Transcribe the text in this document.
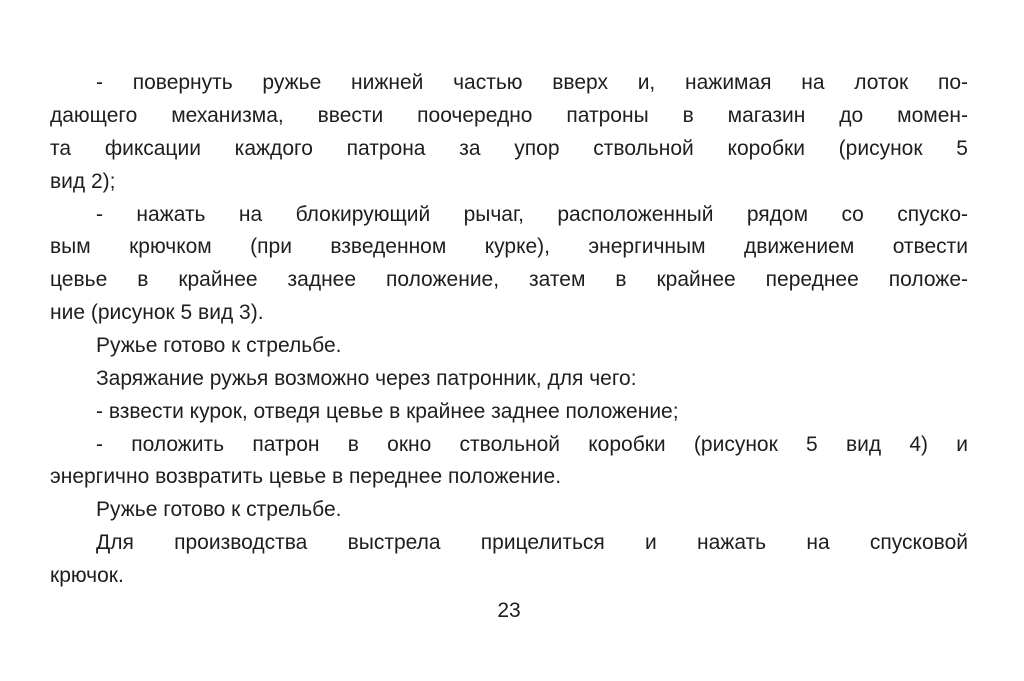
- повернуть ружье нижней частью вверх и, нажимая на лоток по-

дающего механизма, ввести поочередно патроны в магазин до момен-

та фиксации каждого патрона за упор ствольной коробки (рисунок 5

вид 2);

- нажать на блокирующий рычаг, расположенный рядом со спуско-

вым крючком (при взведенном курке), энергичным движением отвести

цевье в крайнее заднее положение, затем в крайнее переднее положе-

ние (рисунок 5 вид 3).

Ружье готово к стрельбе.

Заряжание ружья возможно через патронник, для чего:

- взвести курок, отведя цевье в крайнее заднее положение;

- положить патрон в окно ствольной коробки (рисунок 5 вид 4) и

энергично возвратить цевье в переднее положение.

Ружье готово к стрельбе.

Для производства выстрела прицелиться и нажать на спусковой

крючок.

23
